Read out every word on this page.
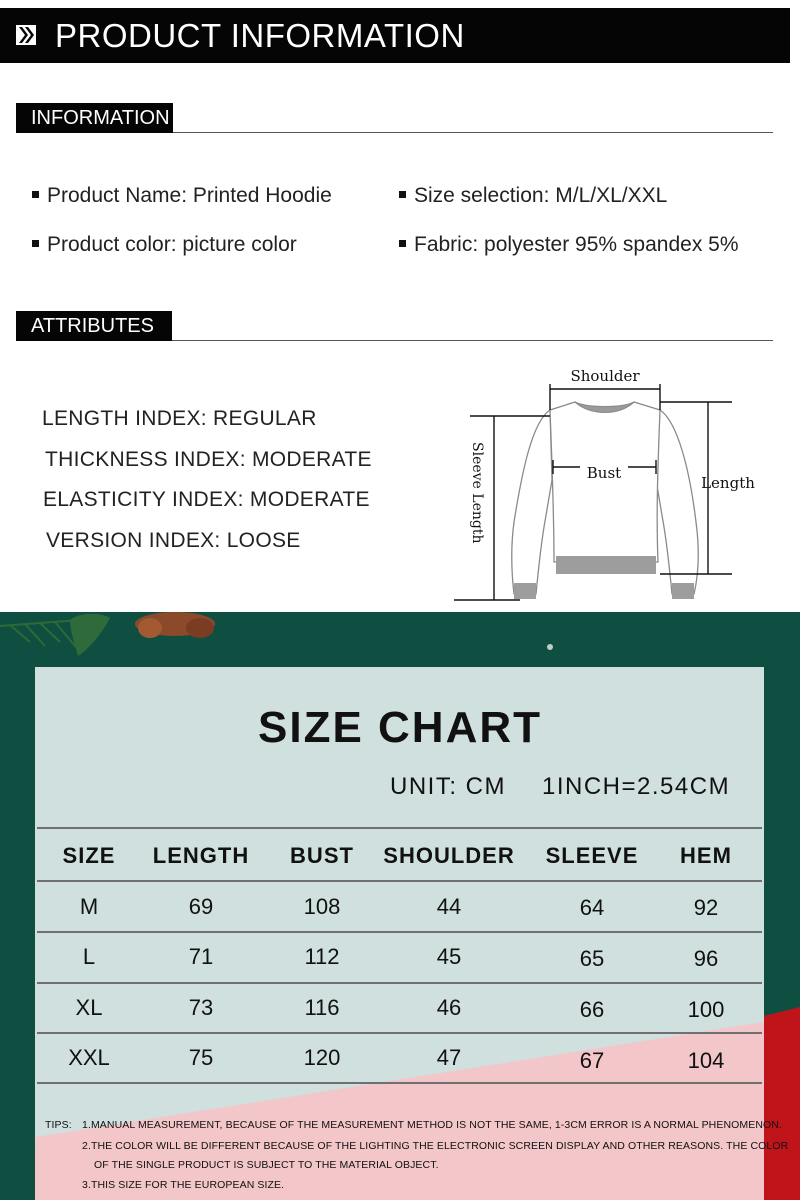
PRODUCT INFORMATION
INFORMATION
Product Name: Printed Hoodie	Size selection: M/L/XL/XXL
Product color: picture color	Fabric: polyester 95% spandex 5%
ATTRIBUTES
LENGTH INDEX: REGULAR
THICKNESS INDEX: MODERATE
ELASTICITY INDEX: MODERATE
VERSION INDEX: LOOSE
Shoulder
Bust
Length
Sleeve Length
SIZE CHART
UNIT: CM 1INCH=2.54CM
SIZE	LENGTH	BUST	SHOULDER	SLEEVE	HEM
M	69	108	44	64	92
L	71	112	45	65	96
XL	73	116	46	66	100
XXL	75	120	47	67	104
TIPS: 1.MANUAL MEASUREMENT, BECAUSE OF THE MEASUREMENT METHOD IS NOT THE SAME, 1-3CM ERROR IS A NORMAL PHENOMENON.
2.THE COLOR WILL BE DIFFERENT BECAUSE OF THE LIGHTING THE ELECTRONIC SCREEN DISPLAY AND OTHER REASONS. THE COLOR
OF THE SINGLE PRODUCT IS SUBJECT TO THE MATERIAL OBJECT.
3.THIS SIZE FOR THE EUROPEAN SIZE.
